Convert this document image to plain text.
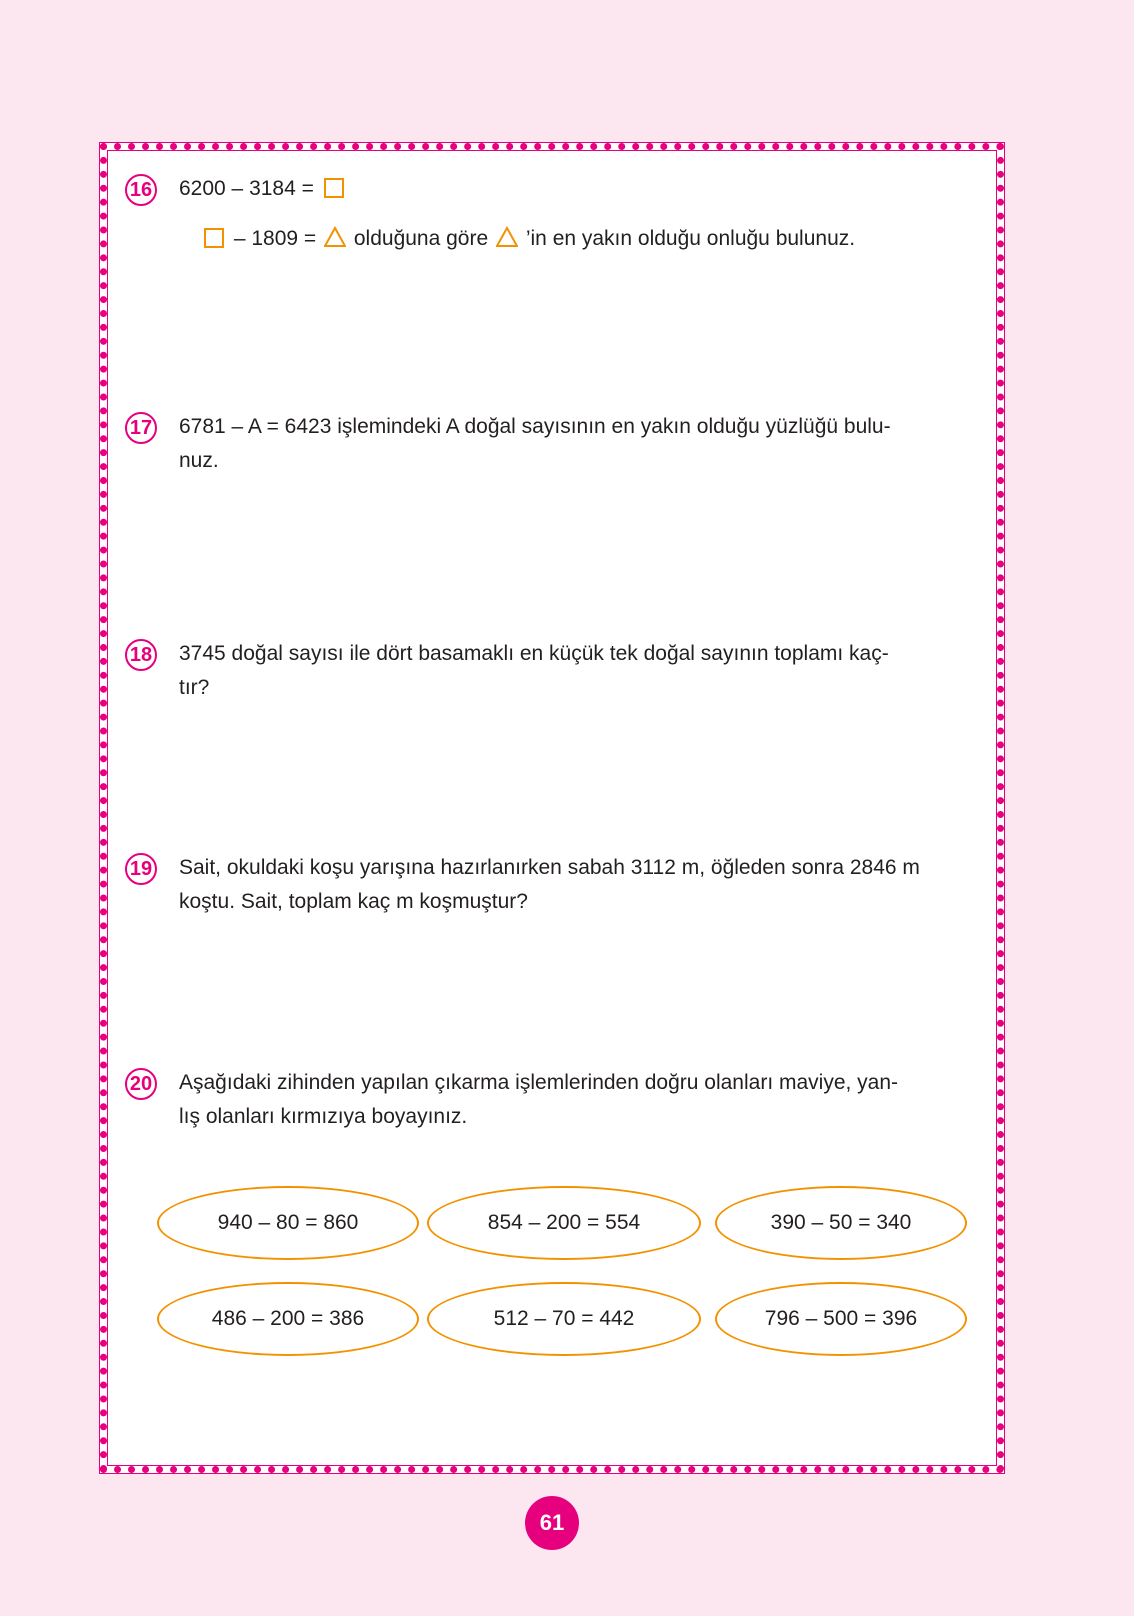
16 6200 – 3184 =
– 1809 =  olduğuna göre  ’in en yakın olduğu onluğu bulunuz.
17 6781 – A = 6423 işlemindeki A doğal sayısının en yakın olduğu yüzlüğü bulu-
nuz.
18 3745 doğal sayısı ile dört basamaklı en küçük tek doğal sayının toplamı kaç-
tır?
19 Sait, okuldaki koşu yarışına hazırlanırken sabah 3112 m, öğleden sonra 2846 m
koştu. Sait, toplam kaç m koşmuştur?
20 Aşağıdaki zihinden yapılan çıkarma işlemlerinden doğru olanları maviye, yan-
lış olanları kırmızıya boyayınız.
940 – 80 = 860	854 – 200 = 554	390 – 50 = 340
486 – 200 = 386	512 – 70 = 442	796 – 500 = 396
61
